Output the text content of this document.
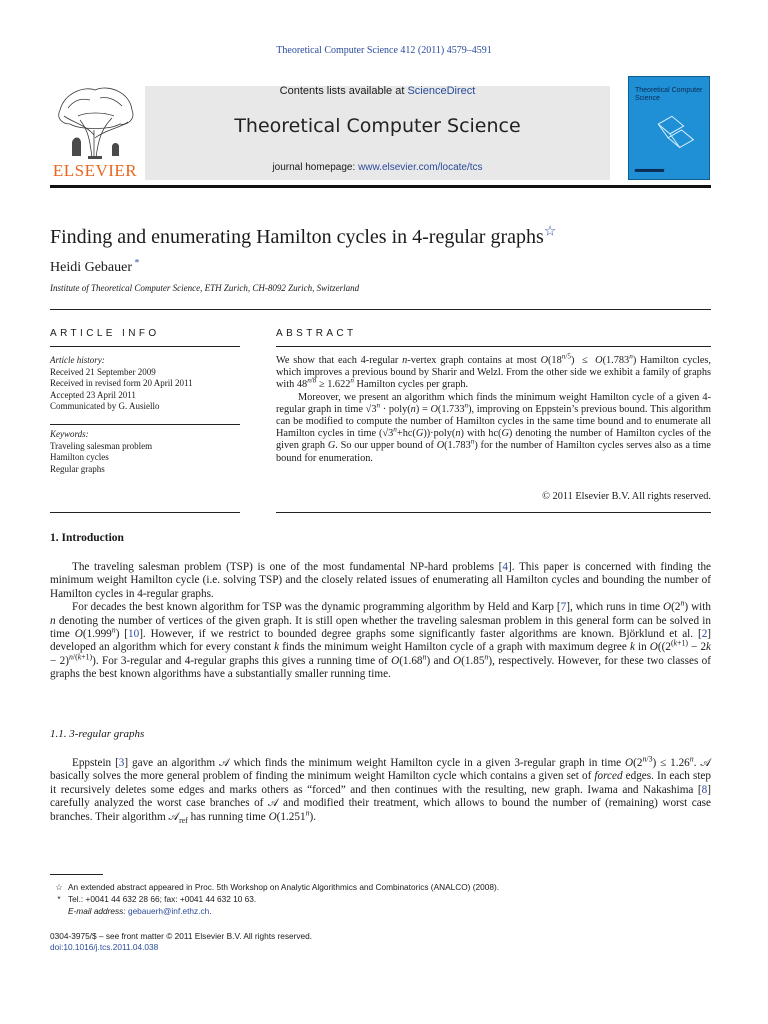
Theoretical Computer Science 412 (2011) 4579–4591
Contents lists available at ScienceDirect
Theoretical Computer Science
journal homepage: www.elsevier.com/locate/tcs
ELSEVIER
Theoretical Computer Science
Finding and enumerating Hamilton cycles in 4-regular graphs☆
Heidi Gebauer *
Institute of Theoretical Computer Science, ETH Zurich, CH-8092 Zurich, Switzerland
ARTICLE INFO
Article history:
Received 21 September 2009
Received in revised form 20 April 2011
Accepted 23 April 2011
Communicated by G. Ausiello
Keywords:
Traveling salesman problem
Hamilton cycles
Regular graphs
ABSTRACT

We show that each 4-regular n-vertex graph contains at most $O(18^{n/5}) \le O(1.783^n)$ Hamilton cycles, which improves a previous bound by Sharir and Welzl. From the other side we exhibit a family of graphs with $48^{n/8} \ge 1.622^n$ Hamilton cycles per graph.

Moreover, we present an algorithm which finds the minimum weight Hamilton cycle of a given 4-regular graph in time $√3^n$ · poly(n) = $O(1.733^n)$, improving on Eppstein’s previous bound. This algorithm can be modified to compute the number of Hamilton cycles in the same time bound and to enumerate all Hamilton cycles in time $(√3^n+hc(G))\cdot poly(n)$ with hc(G) denoting the number of Hamilton cycles of the given graph G. So our upper bound of O(1.783$^n$) for the number of Hamilton cycles serves also as a time bound for enumeration.

© 2011 Elsevier B.V. All rights reserved.
1. Introduction

The traveling salesman problem (TSP) is one of the most fundamental NP-hard problems [4]. This paper is concerned with finding the minimum weight Hamilton cycle (i.e. solving TSP) and the closely related issues of enumerating all Hamilton cycles and bounding the number of Hamilton cycles in 4-regular graphs.

For decades the best known algorithm for TSP was the dynamic programming algorithm by Held and Karp [7], which runs in time O(2$^n$) with n denoting the number of vertices of the given graph. It is still open whether the traveling salesman problem in this general form can be solved in time O(1.999$^n$) [10]. However, if we restrict to bounded degree graphs some significantly faster algorithms are known. Björklund et al. [2] developed an algorithm which for every constant k finds the minimum weight Hamilton cycle of a graph with maximum degree k in $O((2^{(k+1)} - 2k - 2)^{n/(k+1)})$. For 3-regular and 4-regular graphs this gives a running time of O(1.68$^n$) and O(1.85$^n$), respectively. However, for these two classes of graphs the best known algorithms have a substantially smaller running time.

1.1. 3-regular graphs

Eppstein [3] gave an algorithm 𝒜 which finds the minimum weight Hamilton cycle in a given 3-regular graph in time $O(2^{n/3}) \le 1.26^n$. 𝒜 basically solves the more general problem of finding the minimum weight Hamilton cycle which contains a given set of forced edges. In each step it recursively deletes some edges and marks others as “forced” and then continues with the resulting, new graph. Iwama and Nakashima [8] carefully analyzed the worst case branches of 𝒜 and modified their treatment, which allows to bound the number of (remaining) worst case branches. Their algorithm 𝒜$_{ref}$ has running time O(1.251$^n$).

☆ An extended abstract appeared in Proc. 5th Workshop on Analytic Algorithmics and Combinatorics (ANALCO) (2008).
* Tel.: +0041 44 632 28 66; fax: +0041 44 632 10 63.
E-mail address: gebauerh@inf.ethz.ch.
0304-3975/$ – see front matter © 2011 Elsevier B.V. All rights reserved.
doi:10.1016/j.tcs.2011.04.038
